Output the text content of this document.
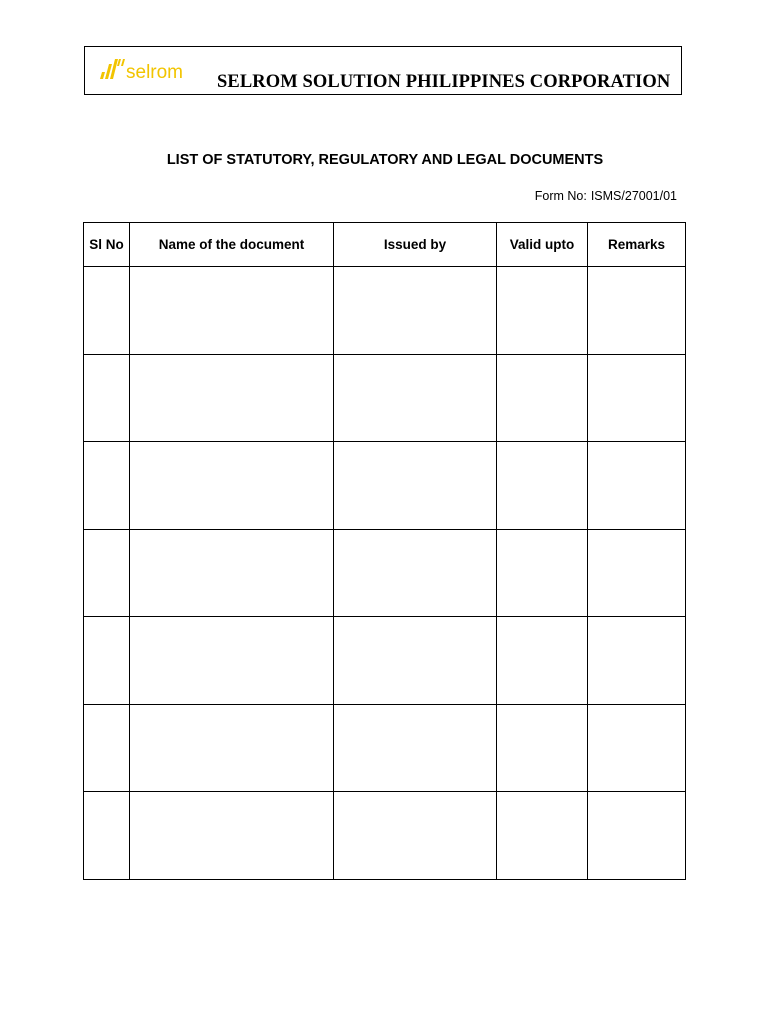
selrom SELROM SOLUTION PHILIPPINES CORPORATION
LIST OF STATUTORY, REGULATORY AND LEGAL DOCUMENTS
Form No: ISMS/27001/01
Sl No	Name of the document	Issued by	Valid upto	Remarks
